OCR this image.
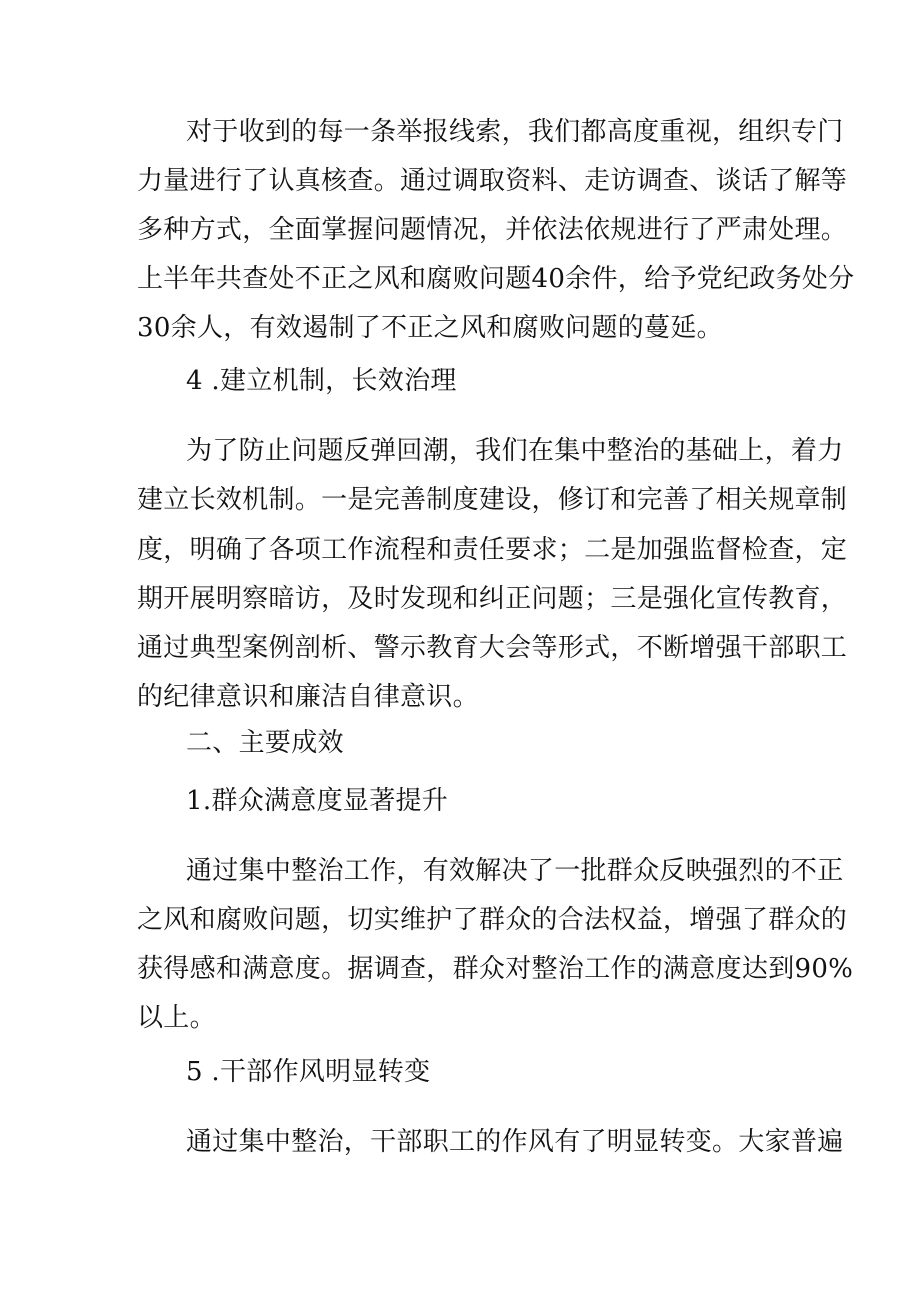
对于收到的每一条举报线索，我们都高度重视，组织专门
力量进行了认真核查。通过调取资料、走访调查、谈话了解等
多种方式，全面掌握问题情况，并依法依规进行了严肃处理。
上半年共查处不正之风和腐败问题40余件，给予党纪政务处分
30余人，有效遏制了不正之风和腐败问题的蔓延。
4 .建立机制，长效治理
为了防止问题反弹回潮，我们在集中整治的基础上，着力
建立长效机制。一是完善制度建设，修订和完善了相关规章制
度，明确了各项工作流程和责任要求；二是加强监督检查，定
期开展明察暗访，及时发现和纠正问题；三是强化宣传教育，
通过典型案例剖析、警示教育大会等形式，不断增强干部职工
的纪律意识和廉洁自律意识。
二、主要成效
1.群众满意度显著提升
通过集中整治工作，有效解决了一批群众反映强烈的不正
之风和腐败问题，切实维护了群众的合法权益，增强了群众的
获得感和满意度。据调查，群众对整治工作的满意度达到90%
以上。
5 .干部作风明显转变
通过集中整治，干部职工的作风有了明显转变。大家普遍
